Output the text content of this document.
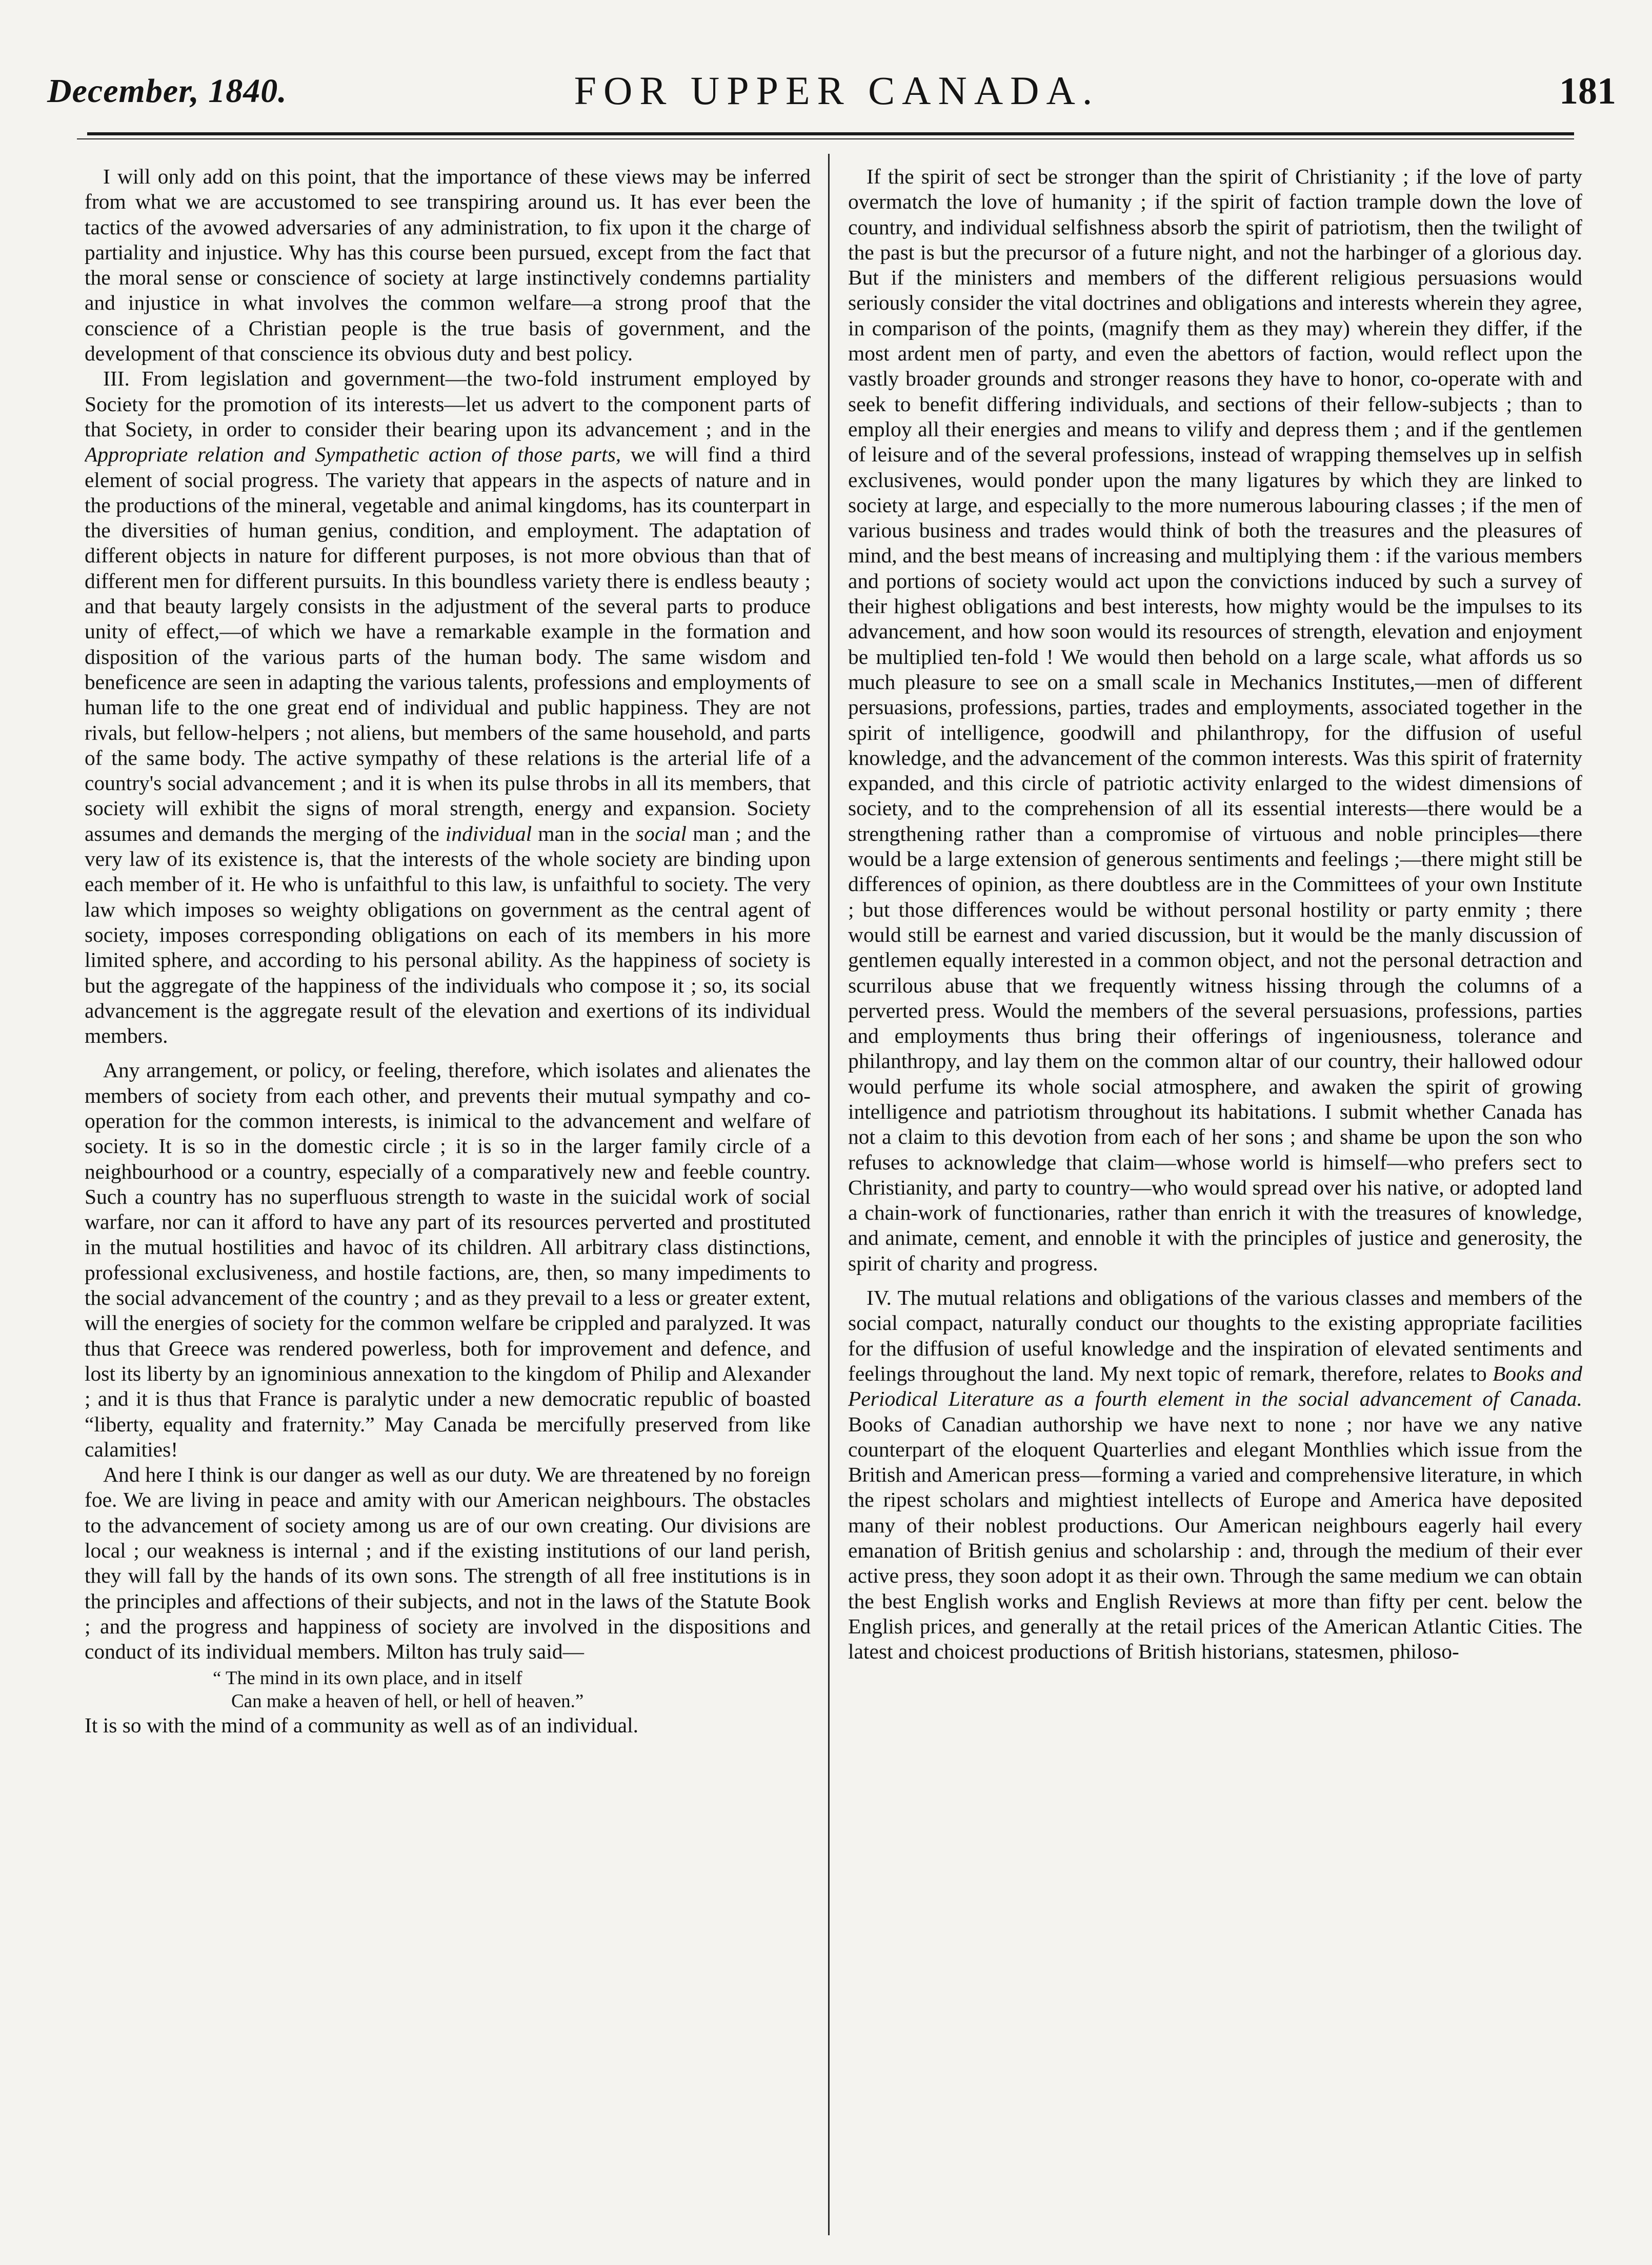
December, 1840.	FOR UPPER CANADA.	181

I will only add on this point, that the importance of these views may be inferred from what we are accustomed to see transpiring around us. It has ever been the tactics of the avowed adversaries of any administration, to fix upon it the charge of partiality and injustice. Why has this course been pursued, except from the fact that the moral sense or conscience of society at large instinctively condemns partiality and injustice in what involves the common welfare—a strong proof that the conscience of a Christian people is the true basis of government, and the development of that conscience its obvious duty and best policy.

III. From legislation and government—the two-fold instrument employed by Society for the promotion of its interests—let us advert to the component parts of that Society, in order to consider their bearing upon its advancement ; and in the Appropriate relation and Sympathetic action of those parts, we will find a third element of social progress. The variety that appears in the aspects of nature and in the productions of the mineral, vegetable and animal kingdoms, has its counterpart in the diversities of human genius, condition, and employment. The adaptation of different objects in nature for different purposes, is not more obvious than that of different men for different pursuits. In this boundless variety there is endless beauty ; and that beauty largely consists in the adjustment of the several parts to produce unity of effect,—of which we have a remarkable example in the formation and disposition of the various parts of the human body. The same wisdom and beneficence are seen in adapting the various talents, professions and employments of human life to the one great end of individual and public happiness. They are not rivals, but fellow-helpers ; not aliens, but members of the same household, and parts of the same body. The active sympathy of these relations is the arterial life of a country's social advancement ; and it is when its pulse throbs in all its members, that society will exhibit the signs of moral strength, energy and expansion. Society assumes and demands the merging of the individual man in the social man ; and the very law of its existence is, that the interests of the whole society are binding upon each member of it. He who is unfaithful to this law, is unfaithful to society. The very law which imposes so weighty obligations on government as the central agent of society, imposes corresponding obligations on each of its members in his more limited sphere, and according to his personal ability. As the happiness of society is but the aggregate of the happiness of the individuals who compose it ; so, its social advancement is the aggregate result of the elevation and exertions of its individual members.

Any arrangement, or policy, or feeling, therefore, which isolates and alienates the members of society from each other, and prevents their mutual sympathy and co-operation for the common interests, is inimical to the advancement and welfare of society. It is so in the domestic circle ; it is so in the larger family circle of a neighbourhood or a country, especially of a comparatively new and feeble country. Such a country has no superfluous strength to waste in the suicidal work of social warfare, nor can it afford to have any part of its resources perverted and prostituted in the mutual hostilities and havoc of its children. All arbitrary class distinctions, professional exclusiveness, and hostile factions, are, then, so many impediments to the social advancement of the country ; and as they prevail to a less or greater extent, will the energies of society for the common welfare be crippled and paralyzed. It was thus that Greece was rendered powerless, both for improvement and defence, and lost its liberty by an ignominious annexation to the kingdom of Philip and Alexander ; and it is thus that France is paralytic under a new democratic republic of boasted “liberty, equality and fraternity.” May Canada be mercifully preserved from like calamities!

And here I think is our danger as well as our duty. We are threatened by no foreign foe. We are living in peace and amity with our American neighbours. The obstacles to the advancement of society among us are of our own creating. Our divisions are local ; our weakness is internal ; and if the existing institutions of our land perish, they will fall by the hands of its own sons. The strength of all free institutions is in the principles and affections of their subjects, and not in the laws of the Statute Book ; and the progress and happiness of society are involved in the dispositions and conduct of its individual members. Milton has truly said—

“ The mind in its own place, and in itself
Can make a heaven of hell, or hell of heaven.”

It is so with the mind of a community as well as of an individual.

If the spirit of sect be stronger than the spirit of Christianity ; if the love of party overmatch the love of humanity ; if the spirit of faction trample down the love of country, and individual selfishness absorb the spirit of patriotism, then the twilight of the past is but the precursor of a future night, and not the harbinger of a glorious day. But if the ministers and members of the different religious persuasions would seriously consider the vital doctrines and obligations and interests wherein they agree, in comparison of the points, (magnify them as they may) wherein they differ, if the most ardent men of party, and even the abettors of faction, would reflect upon the vastly broader grounds and stronger reasons they have to honor, co-operate with and seek to benefit differing individuals, and sections of their fellow-subjects ; than to employ all their energies and means to vilify and depress them ; and if the gentlemen of leisure and of the several professions, instead of wrapping themselves up in selfish exclusivenes, would ponder upon the many ligatures by which they are linked to society at large, and especially to the more numerous labouring classes ; if the men of various business and trades would think of both the treasures and the pleasures of mind, and the best means of increasing and multiplying them : if the various members and portions of society would act upon the convictions induced by such a survey of their highest obligations and best interests, how mighty would be the impulses to its advancement, and how soon would its resources of strength, elevation and enjoyment be multiplied ten-fold ! We would then behold on a large scale, what affords us so much pleasure to see on a small scale in Mechanics Institutes,—men of different persuasions, professions, parties, trades and employments, associated together in the spirit of intelligence, goodwill and philanthropy, for the diffusion of useful knowledge, and the advancement of the common interests. Was this spirit of fraternity expanded, and this circle of patriotic activity enlarged to the widest dimensions of society, and to the comprehension of all its essential interests—there would be a strengthening rather than a compromise of virtuous and noble principles—there would be a large extension of generous sentiments and feelings ;—there might still be differences of opinion, as there doubtless are in the Committees of your own Institute ; but those differences would be without personal hostility or party enmity ; there would still be earnest and varied discussion, but it would be the manly discussion of gentlemen equally interested in a common object, and not the personal detraction and scurrilous abuse that we frequently witness hissing through the columns of a perverted press. Would the members of the several persuasions, professions, parties and employments thus bring their offerings of ingeniousness, tolerance and philanthropy, and lay them on the common altar of our country, their hallowed odour would perfume its whole social atmosphere, and awaken the spirit of growing intelligence and patriotism throughout its habitations. I submit whether Canada has not a claim to this devotion from each of her sons ; and shame be upon the son who refuses to acknowledge that claim—whose world is himself—who prefers sect to Christianity, and party to country—who would spread over his native, or adopted land a chain-work of functionaries, rather than enrich it with the treasures of knowledge, and animate, cement, and ennoble it with the principles of justice and generosity, the spirit of charity and progress.

IV. The mutual relations and obligations of the various classes and members of the social compact, naturally conduct our thoughts to the existing appropriate facilities for the diffusion of useful knowledge and the inspiration of elevated sentiments and feelings throughout the land. My next topic of remark, therefore, relates to Books and Periodical Literature as a fourth element in the social advancement of Canada. Books of Canadian authorship we have next to none ; nor have we any native counterpart of the eloquent Quarterlies and elegant Monthlies which issue from the British and American press—forming a varied and comprehensive literature, in which the ripest scholars and mightiest intellects of Europe and America have deposited many of their noblest productions. Our American neighbours eagerly hail every emanation of British genius and scholarship : and, through the medium of their ever active press, they soon adopt it as their own. Through the same medium we can obtain the best English works and English Reviews at more than fifty per cent. below the English prices, and generally at the retail prices of the American Atlantic Cities. The latest and choicest productions of British historians, statesmen, philoso-
